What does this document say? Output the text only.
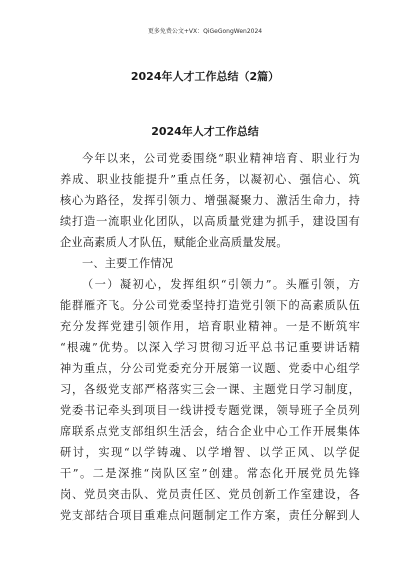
更多免费公文+VX：QiGeGongWen2024
2024年人才工作总结（2篇）
2024年人才工作总结
今年以来，公司党委围绕“职业精神培育、职业行为
养成、职业技能提升”重点任务，以凝初心、强信心、筑
核心为路径，发挥引领力、增强凝聚力、激活生命力，持
续打造一流职业化团队，以高质量党建为抓手，建设国有
企业高素质人才队伍，赋能企业高质量发展。
一、主要工作情况
（一）凝初心，发挥组织“引领力”。头雁引领，方
能群雁齐飞。分公司党委坚持打造党引领下的高素质队伍
充分发挥党建引领作用，培育职业精神。一是不断筑牢
“根魂”优势。以深入学习贯彻习近平总书记重要讲话精
神为重点，分公司党委充分开展第一议题、党委中心组学
习，各级党支部严格落实三会一课、主题党日学习制度，
党委书记牵头到项目一线讲授专题党课，领导班子全员列
席联系点党支部组织生活会，结合企业中心工作开展集体
研讨，实现“以学铸魂、以学增智、以学正风、以学促
干”。二是深推“岗队区室”创建。常态化开展党员先锋
岗、党员突击队、党员责任区、党员创新工作室建设，各
党支部结合项目重难点问题制定工作方案，责任分解到人
